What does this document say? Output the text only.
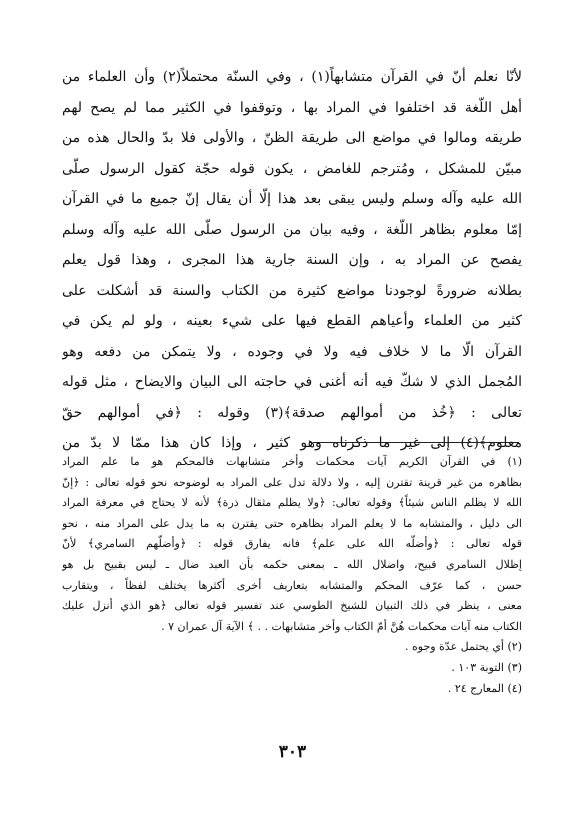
لأنّا نعلم أنّ في القرآن متشابهاً(١) ، وفي السنّة محتملاً(٢) وأن العلماء من
أهل اللّغة قد اختلفوا في المراد بها ، وتوقفوا في الكثير مما لم يصح لهم
طريقه ومالوا في مواضع الى طريقة الظنّ ، والأولى فلا بدّ والحال هذه من
مبيّن للمشكل ، ومُترجم للغامض ، يكون قوله حجّة كقول الرسول صلّى
الله عليه وآله وسلم وليس يبقى بعد هذا إلّا أن يقال إنّ جميع ما في القرآن
إمّا معلوم بظاهر اللّغة ، وفيه بيان من الرسول صلّى الله عليه وآله وسلم
يفصح عن المراد به ، وإن السنة جارية هذا المجرى ، وهذا قول يعلم
بطلانه ضرورةً لوجودنا مواضع كثيرة من الكتاب والسنة قد أشكلت على
كثير من العلماء وأعياهم القطع فيها على شيء بعينه ، ولو لم يكن في
القرآن الّا ما لا خلاف فيه ولا في وجوده ، ولا يتمكن من دفعه وهو
المُجمل الذي لا شكّ فيه أنه أغنى في حاجته الى البيان والايضاح ، مثل قوله
تعالى : ﴿خُذ من أموالهم صدقة﴾(٣) وقوله : ﴿في أموالهم حقّ
معلوم﴾(٤) إلى غير ما ذكرناه وهو كثير ، وإذا كان هذا ممّا لا بدّ من
(١) في القرآن الكريم آيات محكمات وأخر متشابهات فالمحكم هو ما علم المراد
بظاهره من غير قرينة تقترن إليه ، ولا دلالة تدل على المراد به لوضوحه نحو قوله تعالى : ﴿إنّ
الله لا يظلم الناس شيئاً﴾ وقوله تعالى: ﴿ولا يظلم مثقال ذرة﴾ لأنه لا يحتاج في معرفة المراد
الى دليل ، والمتشابه ما لا يعلم المراد بظاهره حتى يقترن به ما يدل على المراد منه ، نحو
قوله تعالى : ﴿وأضلّه الله على علم﴾ فانه يفارق قوله : ﴿وأضلّهم السامري﴾ لأنّ
إظلال السامري قبيح، واضلال الله ـ بمعنى حكمه بأن العبد ضال ـ ليس بقبيح بل هو
حسن ، كما عرّف المحكم والمتشابه بتعاريف أخرى أكثرها يختلف لفظاً ، ويتقارب
معنى ، ينظر في ذلك التبيان للشيخ الطوسي عند تفسير قوله تعالى ﴿هو الذي أنزل عليك
الكتاب منه آيات محكمات هُنَّ أمّ الكتاب وأخر متشابهات . . ﴾ الآية آل عمران ٧ .
(٢) أي يحتمل عدّة وجوه .
(٣) التوبة ١٠٣ .
(٤) المعارج ٢٤ .
٣٠٣
